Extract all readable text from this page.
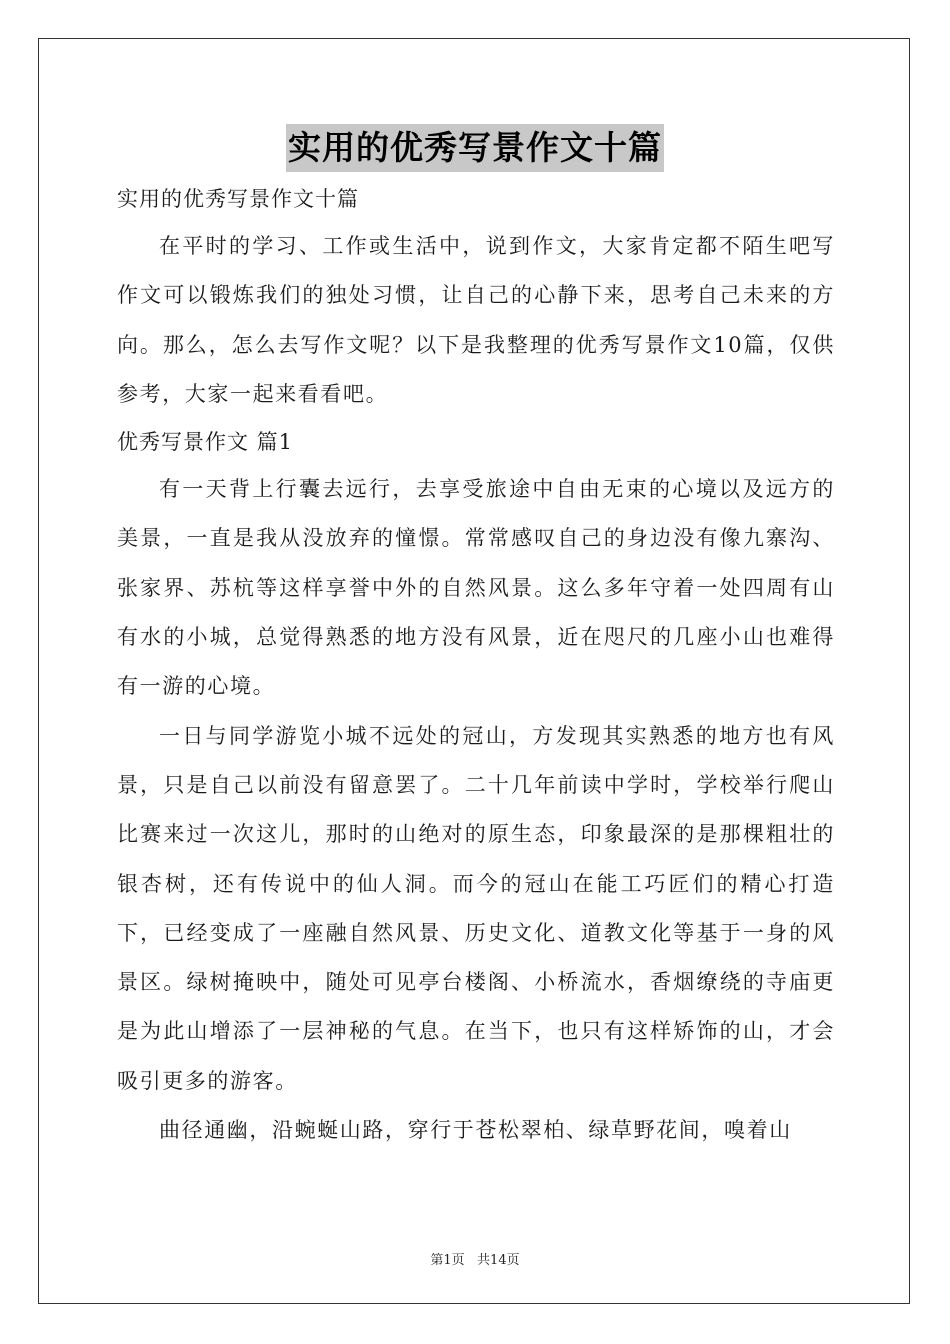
实用的优秀写景作文十篇

实用的优秀写景作文十篇

在平时的学习、工作或生活中，说到作文，大家肯定都不陌生吧写作文可以锻炼我们的独处习惯，让自己的心静下来，思考自己未来的方向。那么，怎么去写作文呢？以下是我整理的优秀写景作文10篇，仅供参考，大家一起来看看吧。

优秀写景作文 篇1

有一天背上行囊去远行，去享受旅途中自由无束的心境以及远方的美景，一直是我从没放弃的憧憬。常常感叹自己的身边没有像九寨沟、张家界、苏杭等这样享誉中外的自然风景。这么多年守着一处四周有山有水的小城，总觉得熟悉的地方没有风景，近在咫尺的几座小山也难得有一游的心境。

一日与同学游览小城不远处的冠山，方发现其实熟悉的地方也有风景，只是自己以前没有留意罢了。二十几年前读中学时，学校举行爬山比赛来过一次这儿，那时的山绝对的原生态，印象最深的是那棵粗壮的银杏树，还有传说中的仙人洞。而今的冠山在能工巧匠们的精心打造下，已经变成了一座融自然风景、历史文化、道教文化等基于一身的风景区。绿树掩映中，随处可见亭台楼阁、小桥流水，香烟缭绕的寺庙更是为此山增添了一层神秘的气息。在当下，也只有这样矫饰的山，才会吸引更多的游客。

曲径通幽，沿蜿蜒山路，穿行于苍松翠柏、绿草野花间，嗅着山

第1页   共14页
